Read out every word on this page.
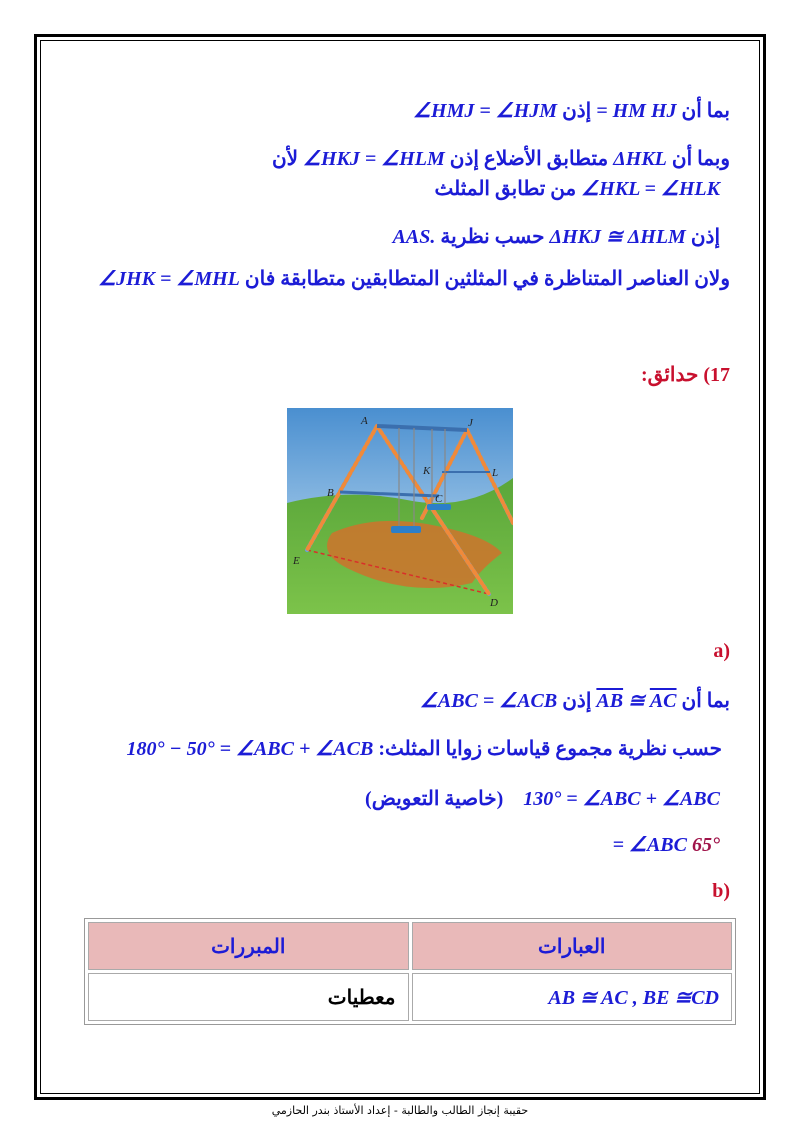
بما أن HJ = HM إذن ∠HMJ = ∠HJM
وبما أن ΔHKL متطابق الأضلاع إذن ∠HKJ = ∠HLM لأن
∠HKL = ∠HLK من تطابق المثلث
إذن ΔHKJ ≅ ΔHLM حسب نظرية AAS.
ولان العناصر المتناظرة في المثلثين المتطابقين متطابقة فان ∠JHK = ∠MHL
17) حدائق:
A
B	C
D
E
J
K	L
(a
بما أن $\overline{AC}$ ≅ $\overline{AB}$ إذن ∠ABC = ∠ACB
حسب نظرية مجموع قياسات زوايا المثلث: 180° − 50° = ∠ABC + ∠ACB
130° = ∠ABC + ∠ABC    (خاصية التعويض)
65° = ∠ABC
(b
العبارات	المبررات
AB ≅ AC , BE ≅CD	معطيات
حقيبة إنجاز الطالب والطالبة - إعداد الأستاذ بندر الحازمي
